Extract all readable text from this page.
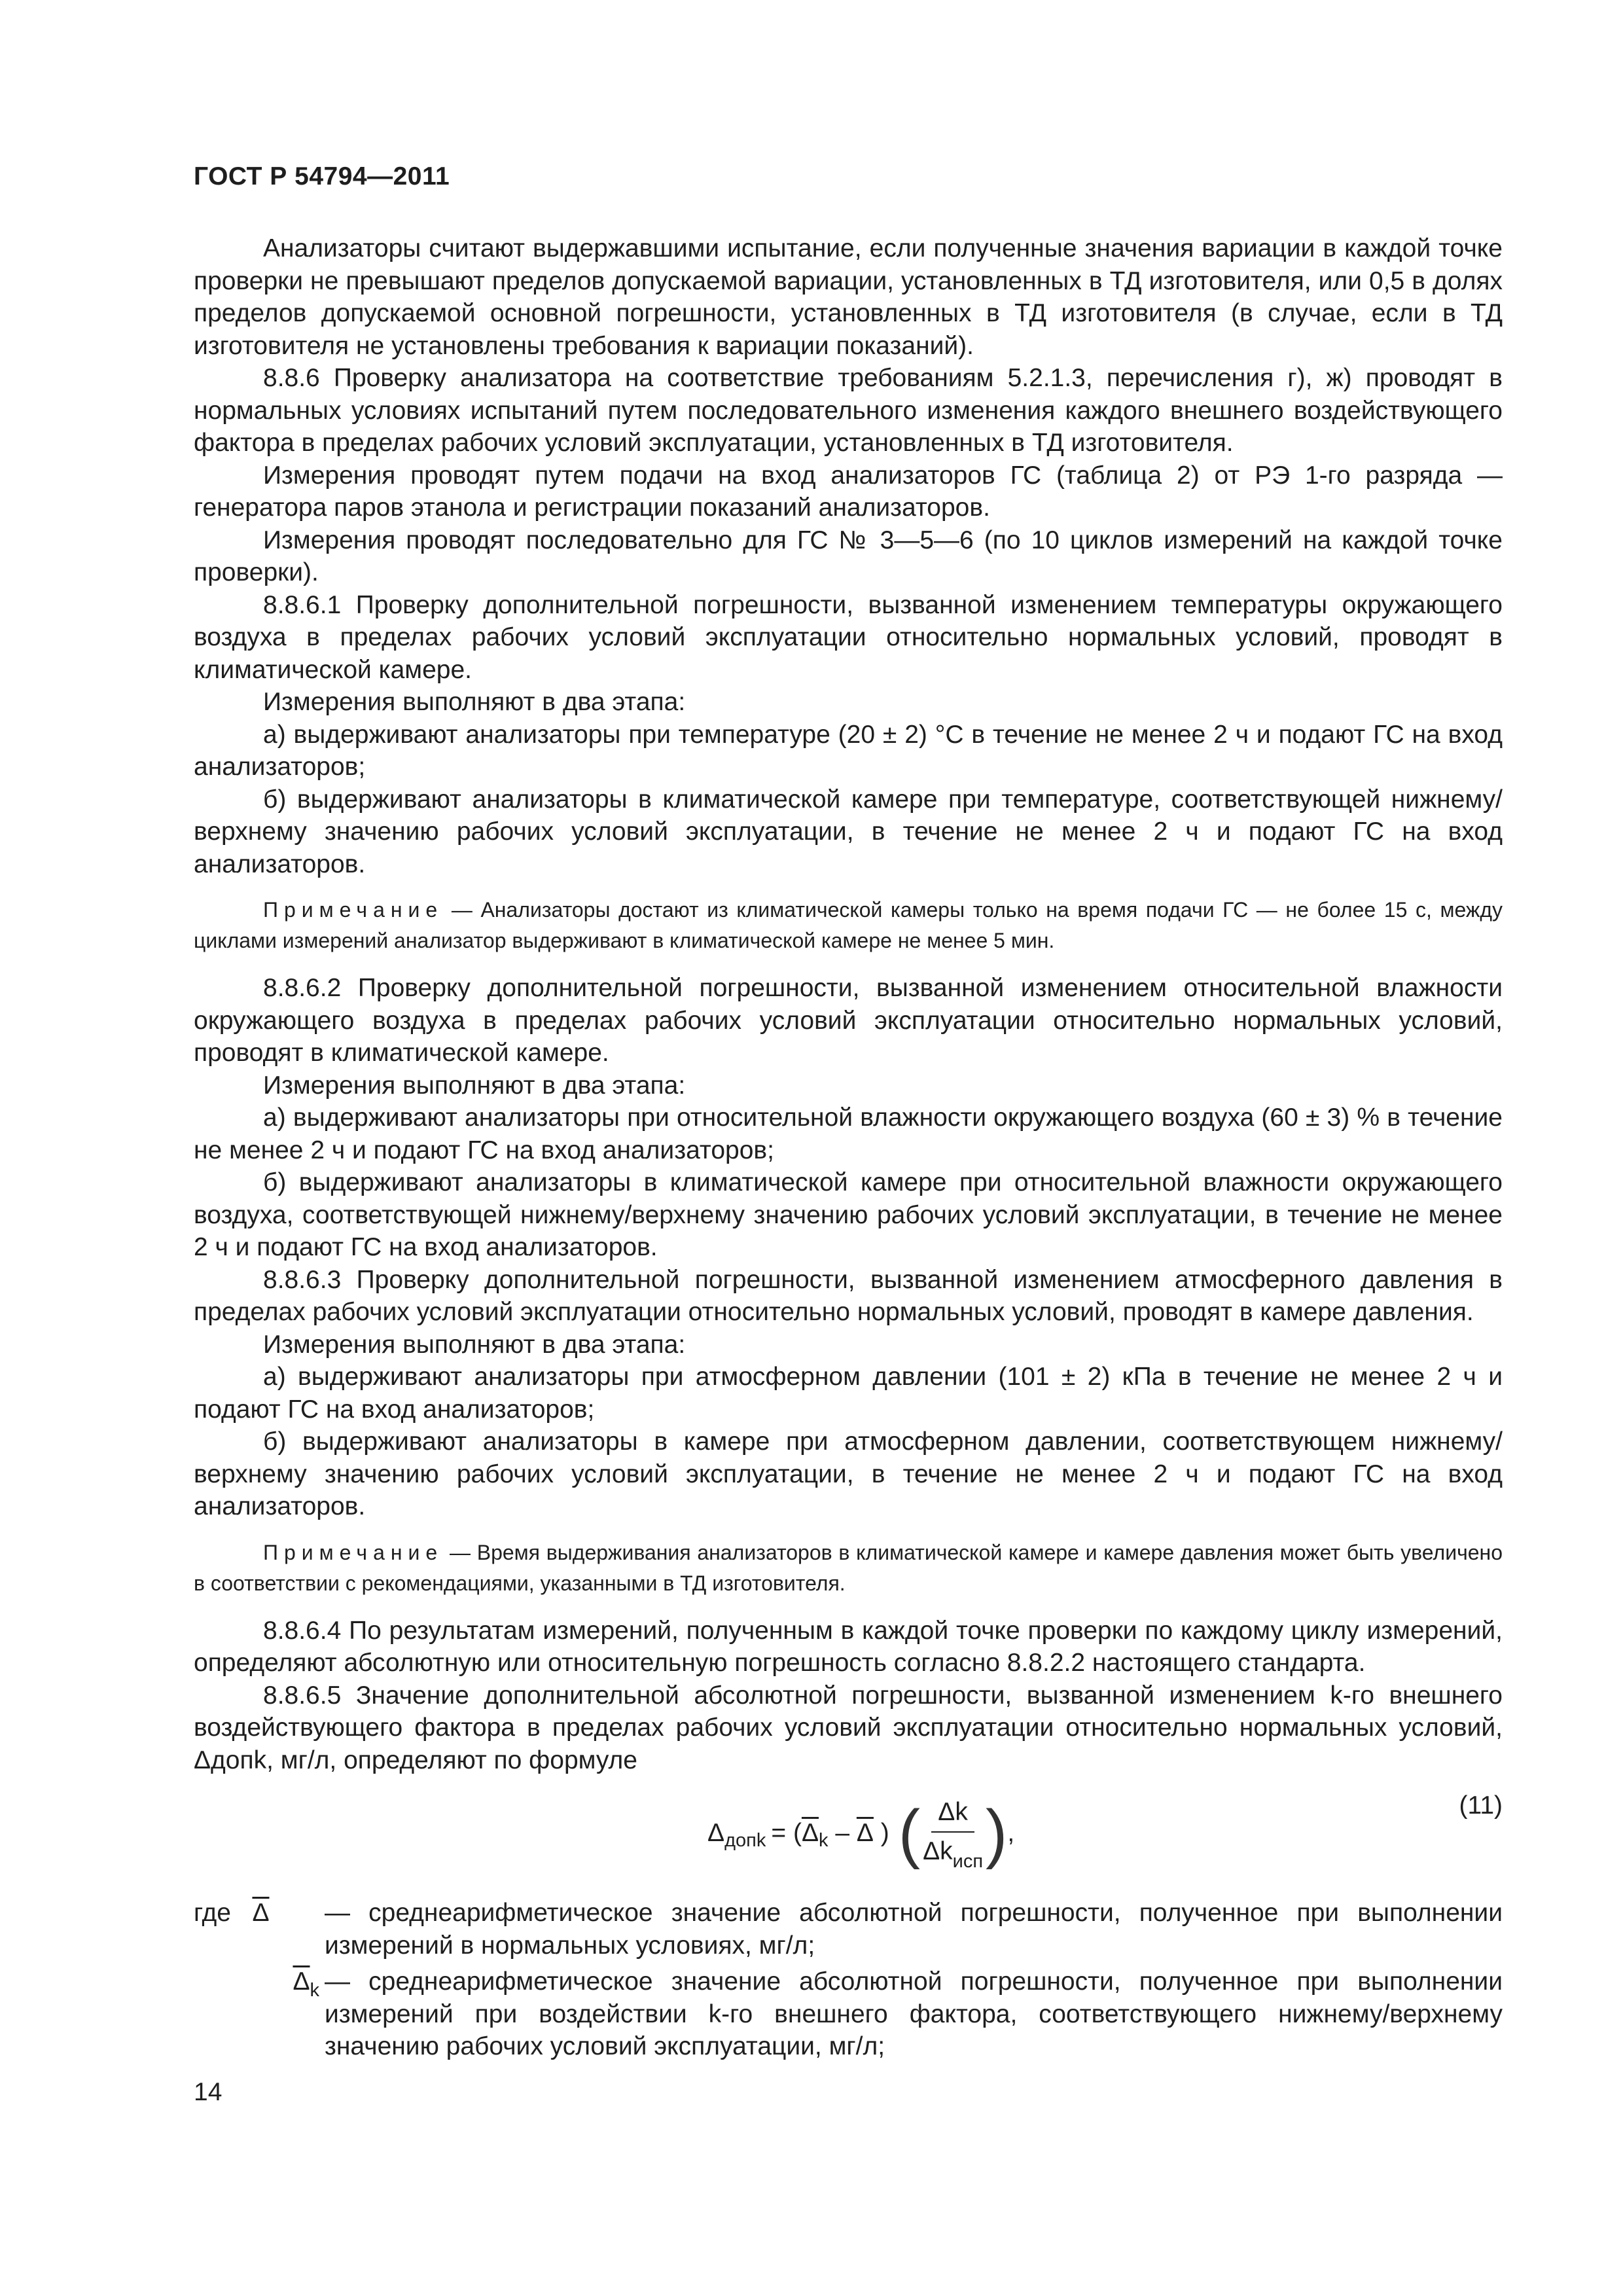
ГОСТ Р 54794—2011

Анализаторы считают выдержавшими испытание, если полученные значения вариации в каждой точке проверки не превышают пределов допускаемой вариации, установленных в ТД изготовителя, или 0,5 в долях пределов допускаемой основной погрешности, установленных в ТД изготовителя (в случае, если в ТД изготовителя не установлены требования к вариации показаний).

8.8.6 Проверку анализатора на соответствие требованиям 5.2.1.3, перечисления г), ж) проводят в нормальных условиях испытаний путем последовательного изменения каждого внешнего воздействующего фактора в пределах рабочих условий эксплуатации, установленных в ТД изготовителя.

Измерения проводят путем подачи на вход анализаторов ГС (таблица 2) от РЭ 1-го разряда — генератора паров этанола и регистрации показаний анализаторов.

Измерения проводят последовательно для ГС № 3—5—6 (по 10 циклов измерений на каждой точке проверки).

8.8.6.1 Проверку дополнительной погрешности, вызванной изменением температуры окружающего воздуха в пределах рабочих условий эксплуатации относительно нормальных условий, проводят в климатической камере.

Измерения выполняют в два этапа:

а) выдерживают анализаторы при температуре (20 ± 2) °С в течение не менее 2 ч и подают ГС на вход анализаторов;

б) выдерживают анализаторы в климатической камере при температуре, соответствующей нижнему/верхнему значению рабочих условий эксплуатации, в течение не менее 2 ч и подают ГС на вход анализаторов.

Примечание — Анализаторы достают из климатической камеры только на время подачи ГС — не более 15 с, между циклами измерений анализатор выдерживают в климатической камере не менее 5 мин.

8.8.6.2 Проверку дополнительной погрешности, вызванной изменением относительной влажности окружающего воздуха в пределах рабочих условий эксплуатации относительно нормальных условий, проводят в климатической камере.

Измерения выполняют в два этапа:

а) выдерживают анализаторы при относительной влажности окружающего воздуха (60 ± 3) % в течение не менее 2 ч и подают ГС на вход анализаторов;

б) выдерживают анализаторы в климатической камере при относительной влажности окружающего воздуха, соответствующей нижнему/верхнему значению рабочих условий эксплуатации, в течение не менее 2 ч и подают ГС на вход анализаторов.

8.8.6.3 Проверку дополнительной погрешности, вызванной изменением атмосферного давления в пределах рабочих условий эксплуатации относительно нормальных условий, проводят в камере давления.

Измерения выполняют в два этапа:

а) выдерживают анализаторы при атмосферном давлении (101 ± 2) кПа в течение не менее 2 ч и подают ГС на вход анализаторов;

б) выдерживают анализаторы в камере при атмосферном давлении, соответствующем нижнему/верхнему значению рабочих условий эксплуатации, в течение не менее 2 ч и подают ГС на вход анализаторов.

Примечание — Время выдерживания анализаторов в климатической камере и камере давления может быть увеличено в соответствии с рекомендациями, указанными в ТД изготовителя.

8.8.6.4 По результатам измерений, полученным в каждой точке проверки по каждому циклу измерений, определяют абсолютную или относительную погрешность согласно 8.8.2.2 настоящего стандарта.

8.8.6.5 Значение дополнительной абсолютной погрешности, вызванной изменением k-го внешнего воздействующего фактора в пределах рабочих условий эксплуатации относительно нормальных условий, Δдопk, мг/л, определяют по формуле

Δ допk = ( $\overline{\Delta}$ k – $\overline{\Delta}$ ) ( $\frac{\Delta k}{\Delta k_{исп}}$ ) ,
(11)
где $\overline{\Delta}$	— среднеарифметическое значение абсолютной погрешности, полученное при выполнении измерений в нормальных условиях, мг/л;
$\overline{\Delta}_k$ — среднеарифметическое значение абсолютной погрешности, полученное при выполнении измерений при воздействии k-го внешнего фактора, соответствующего нижнему/верхнему значению рабочих условий эксплуатации, мг/л;
14
